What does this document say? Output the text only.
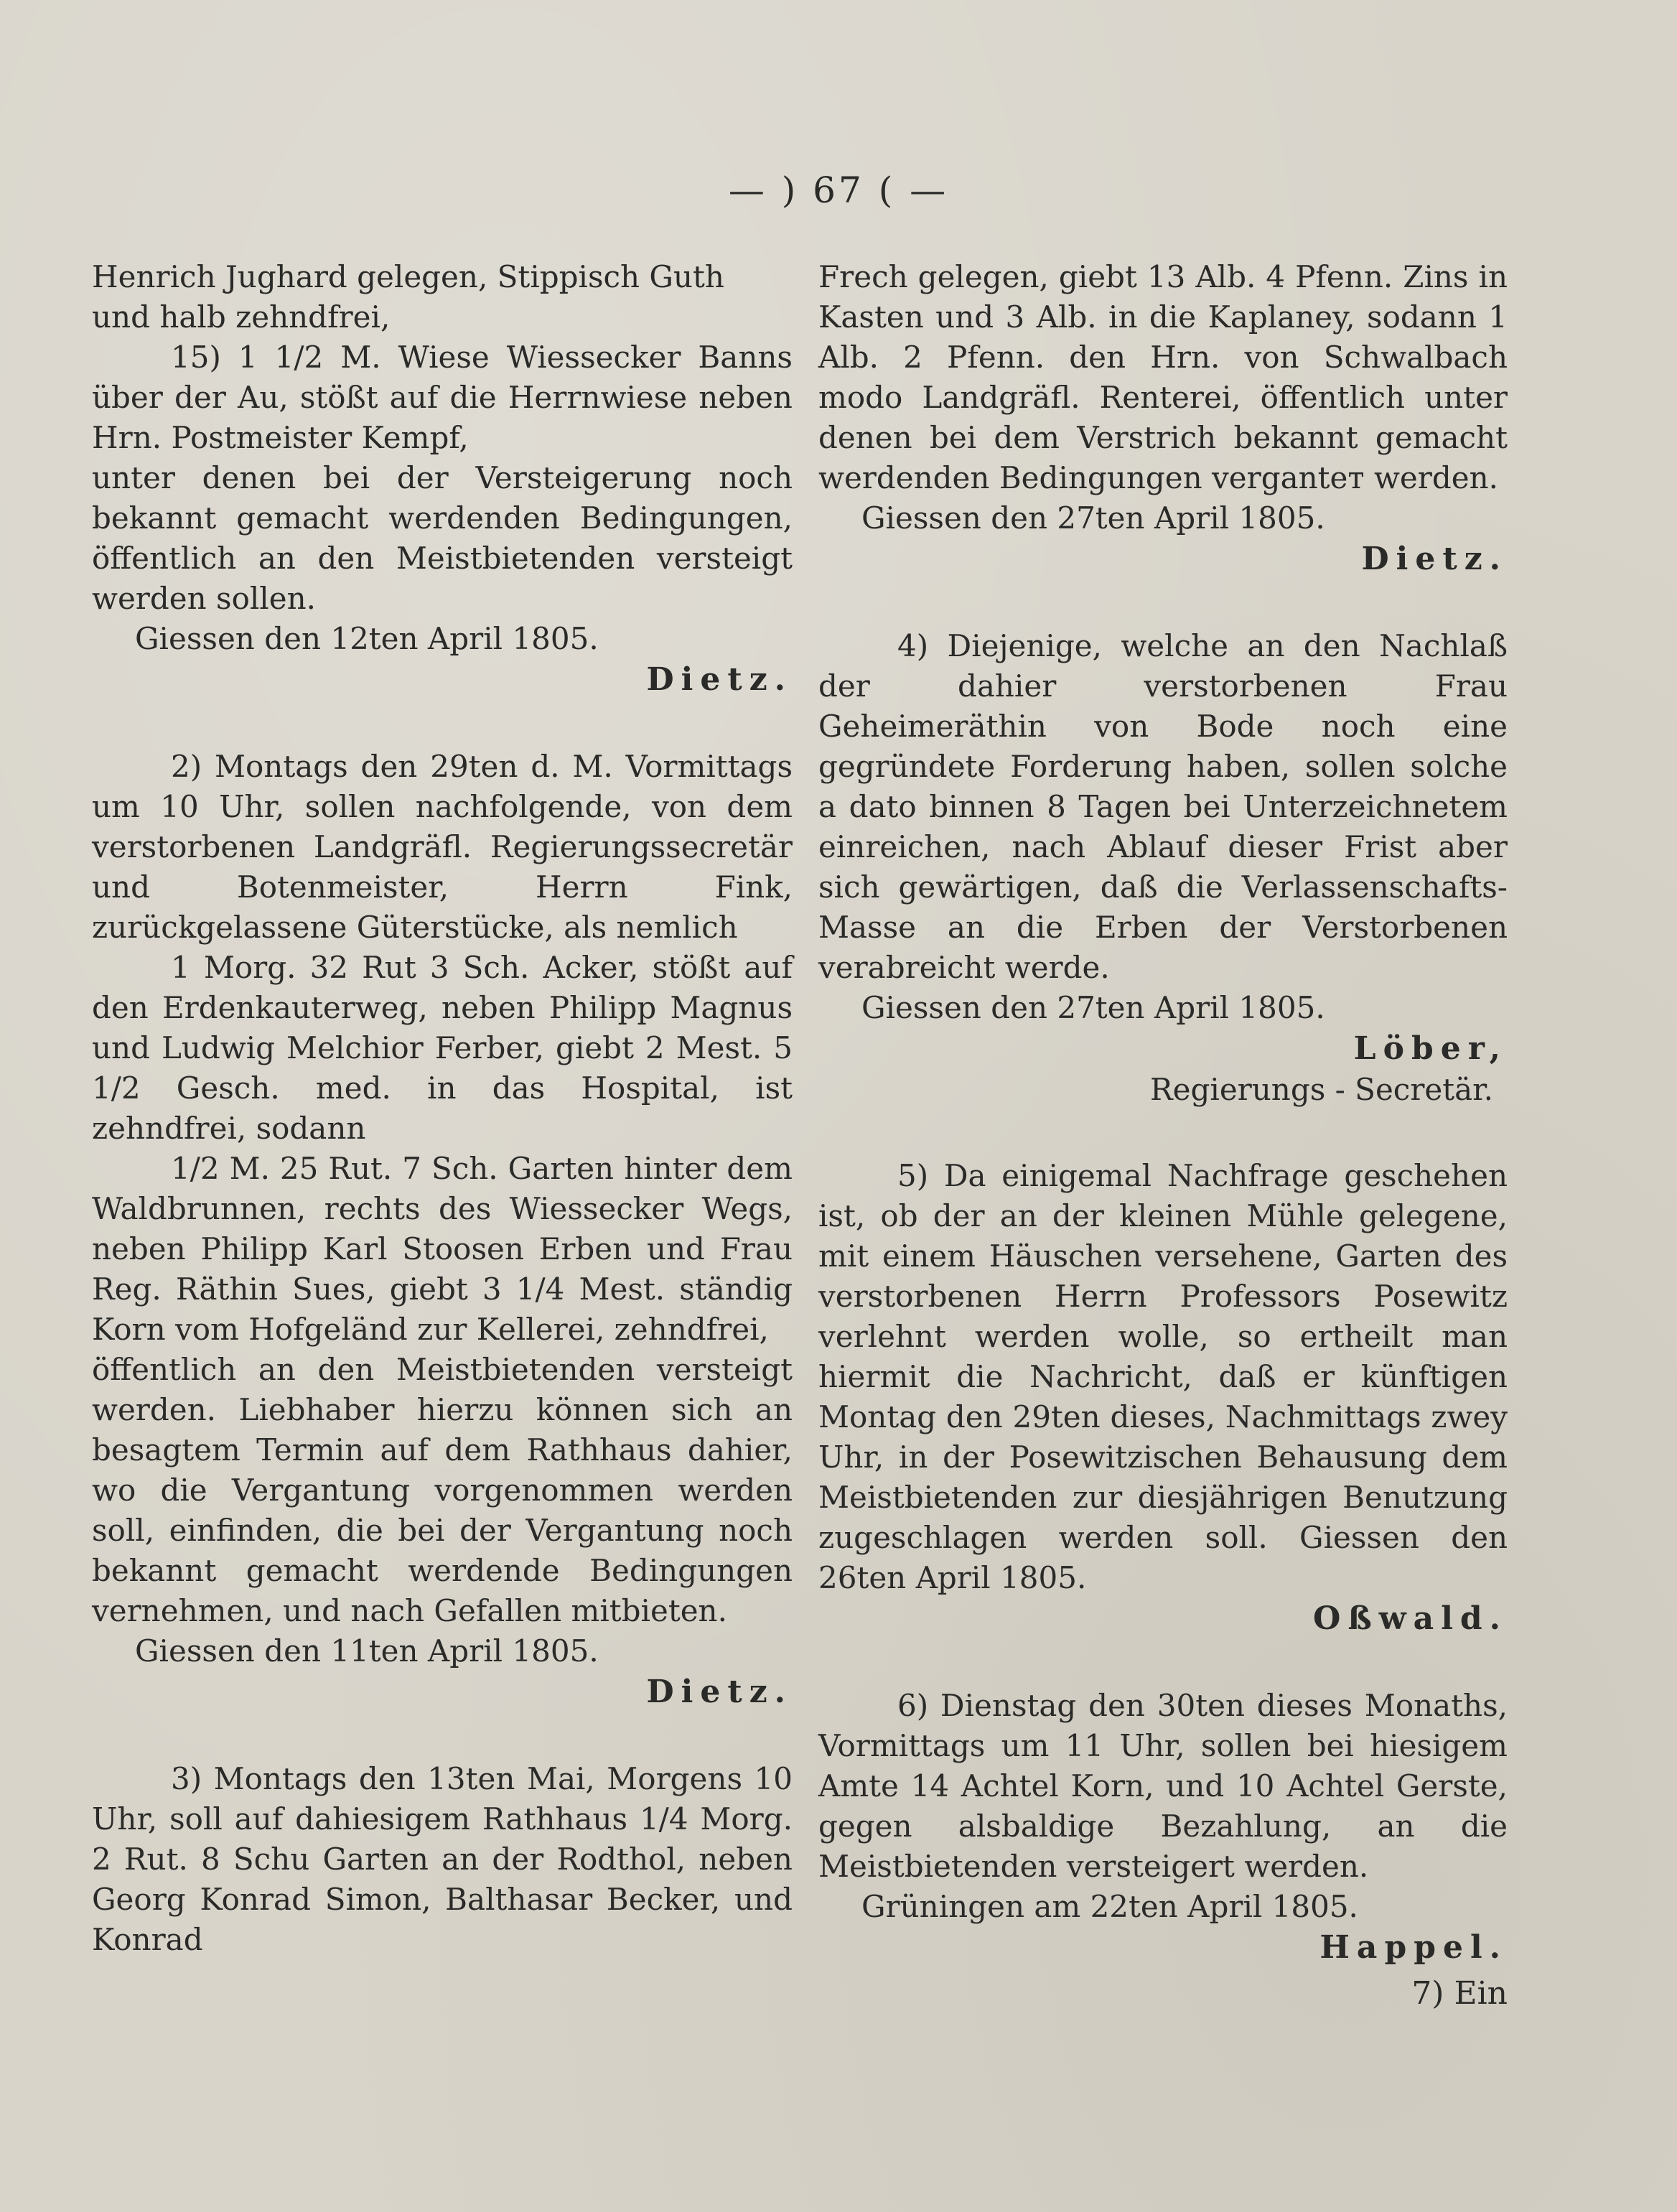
— ) 67 ( —

Henrich Jughard gelegen, Stippisch Guth

und halb zehndfrei,

15) 1 1/2 M. Wiese Wiessecker Banns über der Au, stößt auf die Herrnwiese neben Hrn. Postmeister Kempf,

unter denen bei der Versteigerung noch bekannt gemacht werdenden Bedingungen, öffentlich an den Meistbietenden versteigt werden sollen.

Giessen den 12ten April 1805.

Dietz.

2) Montags den 29ten d. M. Vormittags um 10 Uhr, sollen nachfolgende, von dem verstorbenen Landgräfl. Regierungssecretär und Botenmeister, Herrn Fink, zurückgelassene Güterstücke, als nemlich

1 Morg. 32 Rut 3 Sch. Acker, stößt auf den Erdenkauterweg, neben Philipp Magnus und Ludwig Melchior Ferber, giebt 2 Mest. 5 1/2 Gesch. med. in das Hospital, ist zehndfrei, sodann

1/2 M. 25 Rut. 7 Sch. Garten hinter dem Waldbrunnen, rechts des Wiessecker Wegs, neben Philipp Karl Stoosen Erben und Frau Reg. Räthin Sues, giebt 3 1/4 Mest. ständig Korn vom Hofgeländ zur Kellerei, zehndfrei,

öffentlich an den Meistbietenden versteigt werden. Liebhaber hierzu können sich an besagtem Termin auf dem Rathhaus dahier, wo die Vergantung vorgenommen werden soll, einfinden, die bei der Vergantung noch bekannt gemacht werdende Bedingungen vernehmen, und nach Gefallen mitbieten.

Giessen den 11ten April 1805.

Dietz.

3) Montags den 13ten Mai, Morgens 10 Uhr, soll auf dahiesigem Rathhaus 1/4 Morg. 2 Rut. 8 Schu Garten an der Rodthol, neben Georg Konrad Simon, Balthasar Becker, und Konrad

Frech gelegen, giebt 13 Alb. 4 Pfenn. Zins in Kasten und 3 Alb. in die Kaplaney, sodann 1 Alb. 2 Pfenn. den Hrn. von Schwalbach modo Landgräfl. Renterei, öffentlich unter denen bei dem Verstrich bekannt gemacht werdenden Bedingungen verganteт werden.

Giessen den 27ten April 1805.

Dietz.

4) Diejenige, welche an den Nachlaß der dahier verstorbenen Frau Geheimeräthin von Bode noch eine gegründete Forderung haben, sollen solche a dato binnen 8 Tagen bei Unterzeichnetem einreichen, nach Ablauf dieser Frist aber sich gewärtigen, daß die Verlassenschafts-Masse an die Erben der Verstorbenen verabreicht werde.

Giessen den 27ten April 1805.

Löber,
Regierungs - Secretär.

5) Da einigemal Nachfrage geschehen ist, ob der an der kleinen Mühle gelegene, mit einem Häuschen versehene, Garten des verstorbenen Herrn Professors Posewitz verlehnt werden wolle, so ertheilt man hiermit die Nachricht, daß er künftigen Montag den 29ten dieses, Nachmittags zwey Uhr, in der Posewitzischen Behausung dem Meistbietenden zur diesjährigen Benutzung zugeschlagen werden soll. Giessen den 26ten April 1805.

Oßwald.

6) Dienstag den 30ten dieses Monaths, Vormittags um 11 Uhr, sollen bei hiesigem Amte 14 Achtel Korn, und 10 Achtel Gerste, gegen alsbaldige Bezahlung, an die Meistbietenden versteigert werden.

Grüningen am 22ten April 1805.

Happel.
7) Ein
